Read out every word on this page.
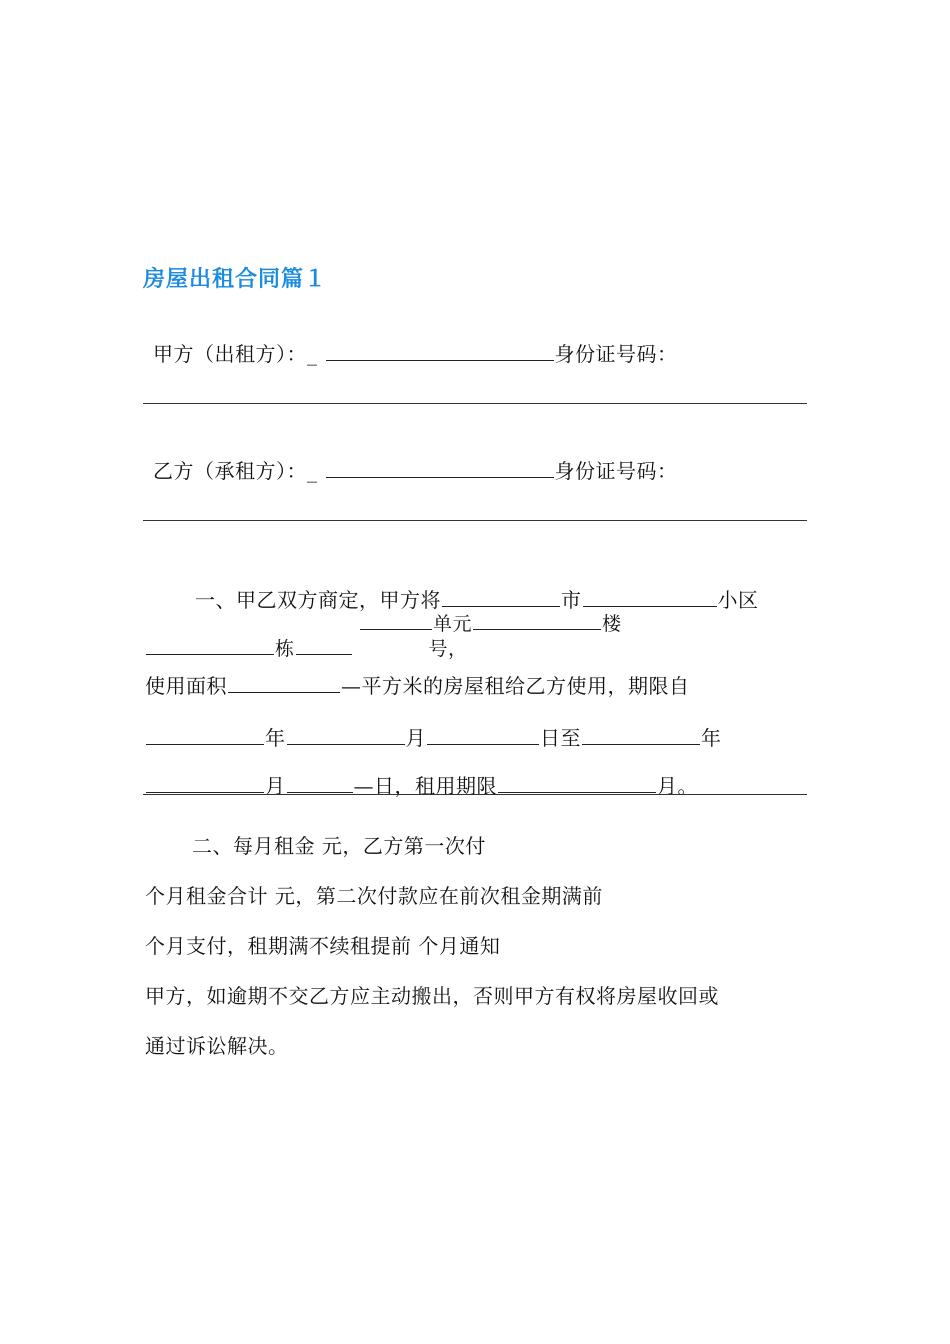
房屋出租合同篇１
甲方（出租方）：_	身份证号码：
乙方（承租方）：_	身份证号码：
一、甲乙双方商定，甲方将	市	小区
单元	楼
栋	号，
使用面积	—平方米的房屋租给乙方使用，期限自
年	月	日至	年
月	—日，租用期限	月。
二、每月租金 元，乙方第一次付
个月租金合计 元，第二次付款应在前次租金期满前
个月支付，租期满不续租提前 个月通知
甲方，如逾期不交乙方应主动搬出，否则甲方有权将房屋收回或
通过诉讼解决。
